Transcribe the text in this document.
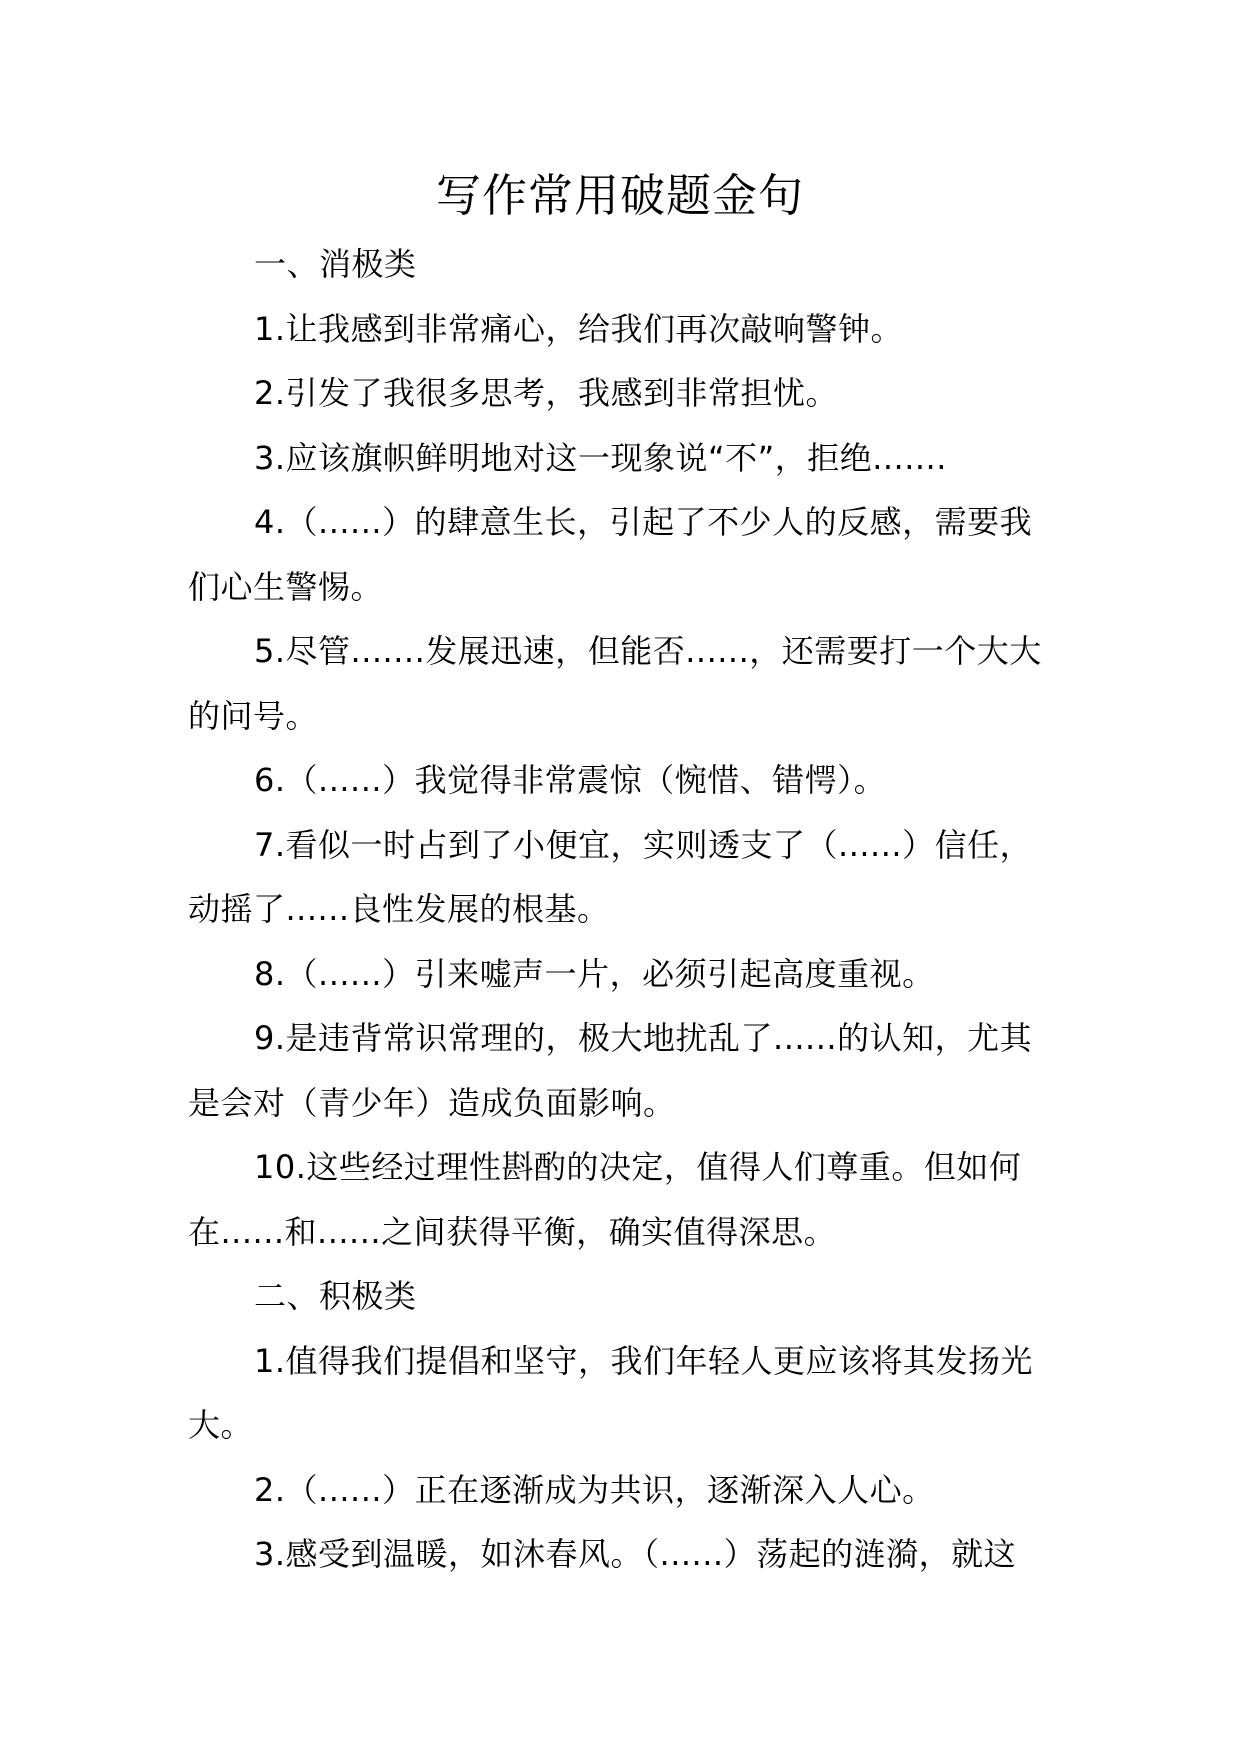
写作常用破题金句

一、消极类

1.让我感到非常痛心，给我们再次敲响警钟。

2.引发了我很多思考，我感到非常担忧。

3.应该旗帜鲜明地对这一现象说“不”，拒绝.......

4.（......）的肆意生长，引起了不少人的反感，需要我

们心生警惕。

5.尽管.......发展迅速，但能否......，还需要打一个大大

的问号。

6.（......）我觉得非常震惊（惋惜、错愕）。

7.看似一时占到了小便宜，实则透支了（......）信任，

动摇了......良性发展的根基。

8.（......）引来嘘声一片，必须引起高度重视。

9.是违背常识常理的，极大地扰乱了......的认知，尤其

是会对（青少年）造成负面影响。

10.这些经过理性斟酌的决定，值得人们尊重。但如何

在......和......之间获得平衡，确实值得深思。

二、积极类

1.值得我们提倡和坚守，我们年轻人更应该将其发扬光

大。

2.（......）正在逐渐成为共识，逐渐深入人心。

3.感受到温暖，如沐春风。（......）荡起的涟漪，就这
